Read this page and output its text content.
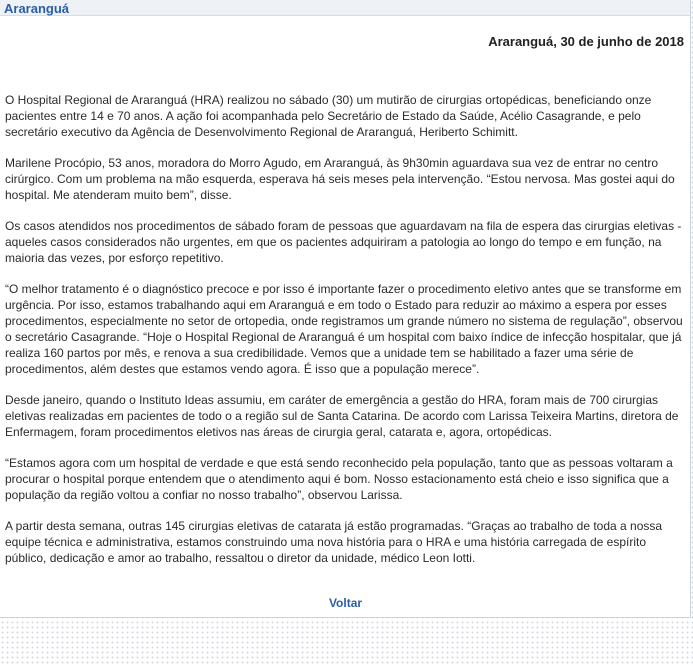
Araranguá
Araranguá, 30 de junho de 2018

O Hospital Regional de Araranguá (HRA) realizou no sábado (30) um mutirão de cirurgias ortopédicas, beneficiando onze pacientes entre 14 e 70 anos. A ação foi acompanhada pelo Secretário de Estado da Saúde, Acélio Casagrande, e pelo secretário executivo da Agência de Desenvolvimento Regional de Araranguá, Heriberto Schimitt.

Marilene Procópio, 53 anos, moradora do Morro Agudo, em Araranguá, às 9h30min aguardava sua vez de entrar no centro cirúrgico. Com um problema na mão esquerda, esperava há seis meses pela intervenção. “Estou nervosa. Mas gostei aqui do hospital. Me atenderam muito bem”, disse.

Os casos atendidos nos procedimentos de sábado foram de pessoas que aguardavam na fila de espera das cirurgias eletivas - aqueles casos considerados não urgentes, em que os pacientes adquiriram a patologia ao longo do tempo e em função, na maioria das vezes, por esforço repetitivo.

“O melhor tratamento é o diagnóstico precoce e por isso é importante fazer o procedimento eletivo antes que se transforme em urgência. Por isso, estamos trabalhando aqui em Araranguá e em todo o Estado para reduzir ao máximo a espera por esses procedimentos, especialmente no setor de ortopedia, onde registramos um grande número no sistema de regulação”, observou o secretário Casagrande. “Hoje o Hospital Regional de Araranguá é um hospital com baixo índice de infecção hospitalar, que já realiza 160 partos por mês, e renova a sua credibilidade. Vemos que a unidade tem se habilitado a fazer uma série de procedimentos, além destes que estamos vendo agora. É isso que a população merece”.

Desde janeiro, quando o Instituto Ideas assumiu, em caráter de emergência a gestão do HRA, foram mais de 700 cirurgias eletivas realizadas em pacientes de todo o a região sul de Santa Catarina. De acordo com Larissa Teixeira Martins, diretora de Enfermagem, foram procedimentos eletivos nas áreas de cirurgia geral, catarata e, agora, ortopédicas.

“Estamos agora com um hospital de verdade e que está sendo reconhecido pela população, tanto que as pessoas voltaram a procurar o hospital porque entendem que o atendimento aqui é bom. Nosso estacionamento está cheio e isso significa que a população da região voltou a confiar no nosso trabalho”, observou Larissa.

A partir desta semana, outras 145 cirurgias eletivas de catarata já estão programadas. “Graças ao trabalho de toda a nossa equipe técnica e administrativa, estamos construindo uma nova história para o HRA e uma história carregada de espírito público, dedicação e amor ao trabalho, ressaltou o diretor da unidade, médico Leon Iotti.

Voltar
